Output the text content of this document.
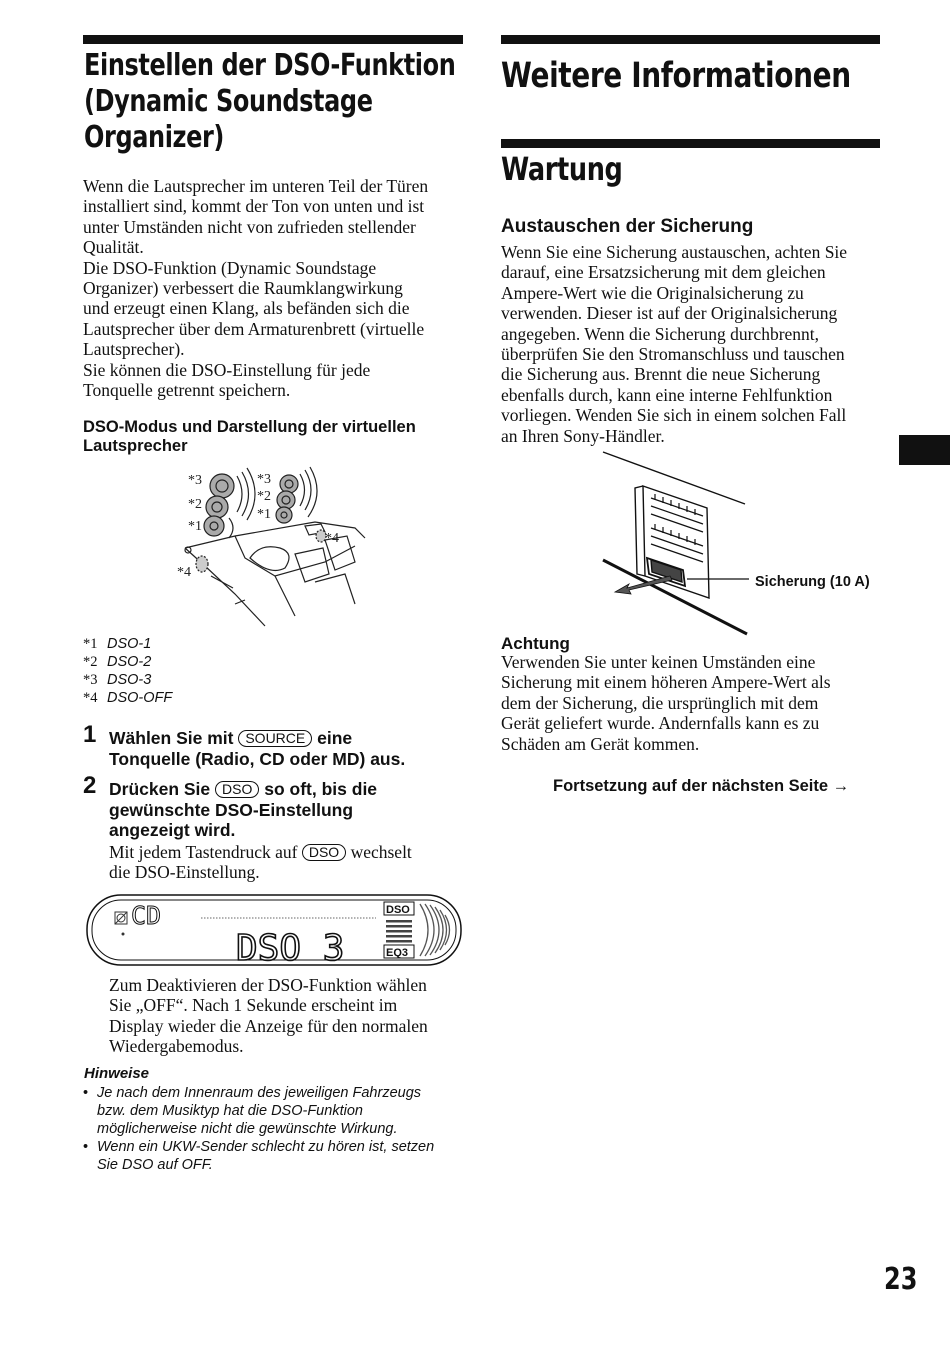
Einstellen der DSO-Funktion
(Dynamic Soundstage
Organizer)
Wenn die Lautsprecher im unteren Teil der Türen
installiert sind, kommt der Ton von unten und ist
unter Umständen nicht von zufrieden stellender
Qualität.
Die DSO-Funktion (Dynamic Soundstage
Organizer) verbessert die Raumklangwirkung
und erzeugt einen Klang, als befänden sich die
Lautsprecher über dem Armaturenbrett (virtuelle
Lautsprecher).
Sie können die DSO-Einstellung für jede
Tonquelle getrennt speichern.
DSO-Modus und Darstellung der virtuellen
Lautsprecher
*3
*2
*1
*3
*2
*1
*4
*4
*1 DSO-1
*2 DSO-2
*3 DSO-3
*4 DSO-OFF
1 Wählen Sie mit SOURCE eine
Tonquelle (Radio, CD oder MD) aus.
2 Drücken Sie DSO so oft, bis die
gewünschte DSO-Einstellung
angezeigt wird.
Mit jedem Tastendruck auf DSO wechselt
die DSO-Einstellung.
CD
DSO 3
DSO
EQ3
Zum Deaktivieren der DSO-Funktion wählen
Sie „OFF“. Nach 1 Sekunde erscheint im
Display wieder die Anzeige für den normalen
Wiedergabemodus.
Hinweise
• Je nach dem Innenraum des jeweiligen Fahrzeugs
bzw. dem Musiktyp hat die DSO-Funktion
möglicherweise nicht die gewünschte Wirkung.
• Wenn ein UKW-Sender schlecht zu hören ist, setzen
Sie DSO auf OFF.
Weitere Informationen
Wartung
Austauschen der Sicherung
Wenn Sie eine Sicherung austauschen, achten Sie
darauf, eine Ersatzsicherung mit dem gleichen
Ampere-Wert wie die Originalsicherung zu
verwenden. Dieser ist auf der Originalsicherung
angegeben. Wenn die Sicherung durchbrennt,
überprüfen Sie den Stromanschluss und tauschen
die Sicherung aus. Brennt die neue Sicherung
ebenfalls durch, kann eine interne Fehlfunktion
vorliegen. Wenden Sie sich in einem solchen Fall
an Ihren Sony-Händler.
Sicherung (10 A)
Achtung
Verwenden Sie unter keinen Umständen eine
Sicherung mit einem höheren Ampere-Wert als
dem der Sicherung, die ursprünglich mit dem
Gerät geliefert wurde. Andernfalls kann es zu
Schäden am Gerät kommen.
Fortsetzung auf der nächsten Seite →
23
